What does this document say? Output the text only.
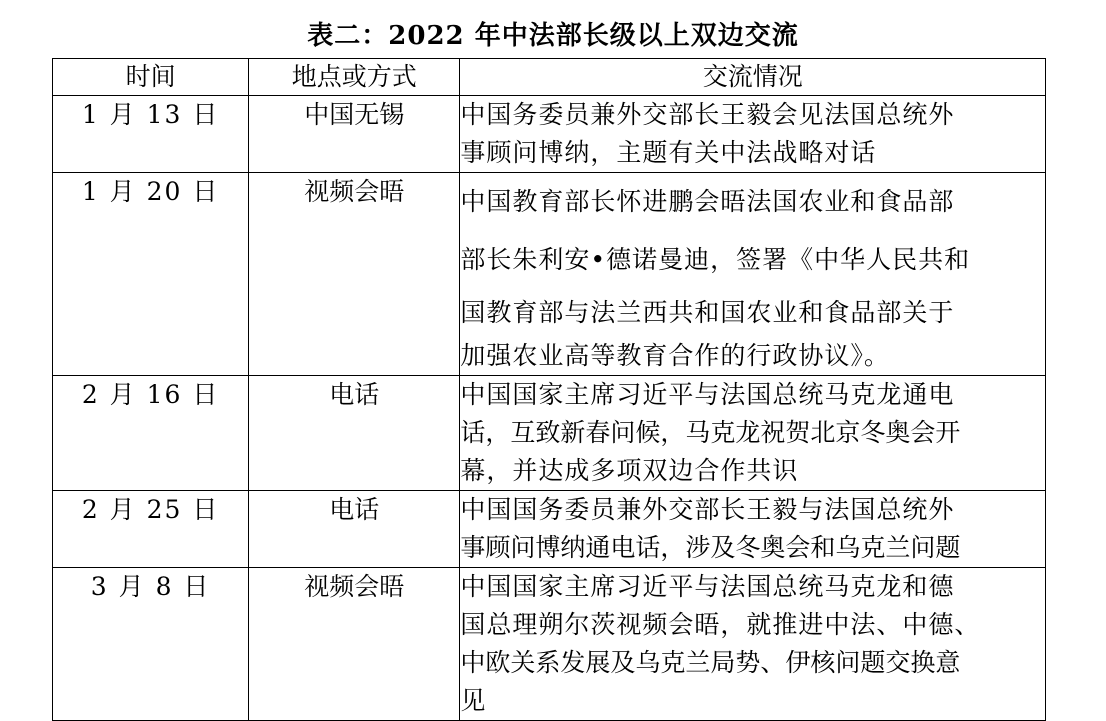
表二：2022 年中法部长级以上双边交流
时间	地点或方式	交流情况
1 月 13 日	中国无锡	中国务委员兼外交部长王毅会见法国总统外
事顾问博纳，主题有关中法战略对话

1 月 20 日	视频会晤	中国教育部长怀进鹏会晤法国农业和食品部
部长朱利安•德诺曼迪，签署《中华人民共和
国教育部与法兰西共和国农业和食品部关于
加强农业高等教育合作的行政协议》。

2 月 16 日	电话	中国国家主席习近平与法国总统马克龙通电
话，互致新春问候，马克龙祝贺北京冬奥会开
幕，并达成多项双边合作共识

2 月 25 日	电话	中国国务委员兼外交部长王毅与法国总统外
事顾问博纳通电话，涉及冬奥会和乌克兰问题

3 月 8 日	视频会晤	中国国家主席习近平与法国总统马克龙和德
国总理朔尔茨视频会晤，就推进中法、中德、
中欧关系发展及乌克兰局势、伊核问题交换意
见
